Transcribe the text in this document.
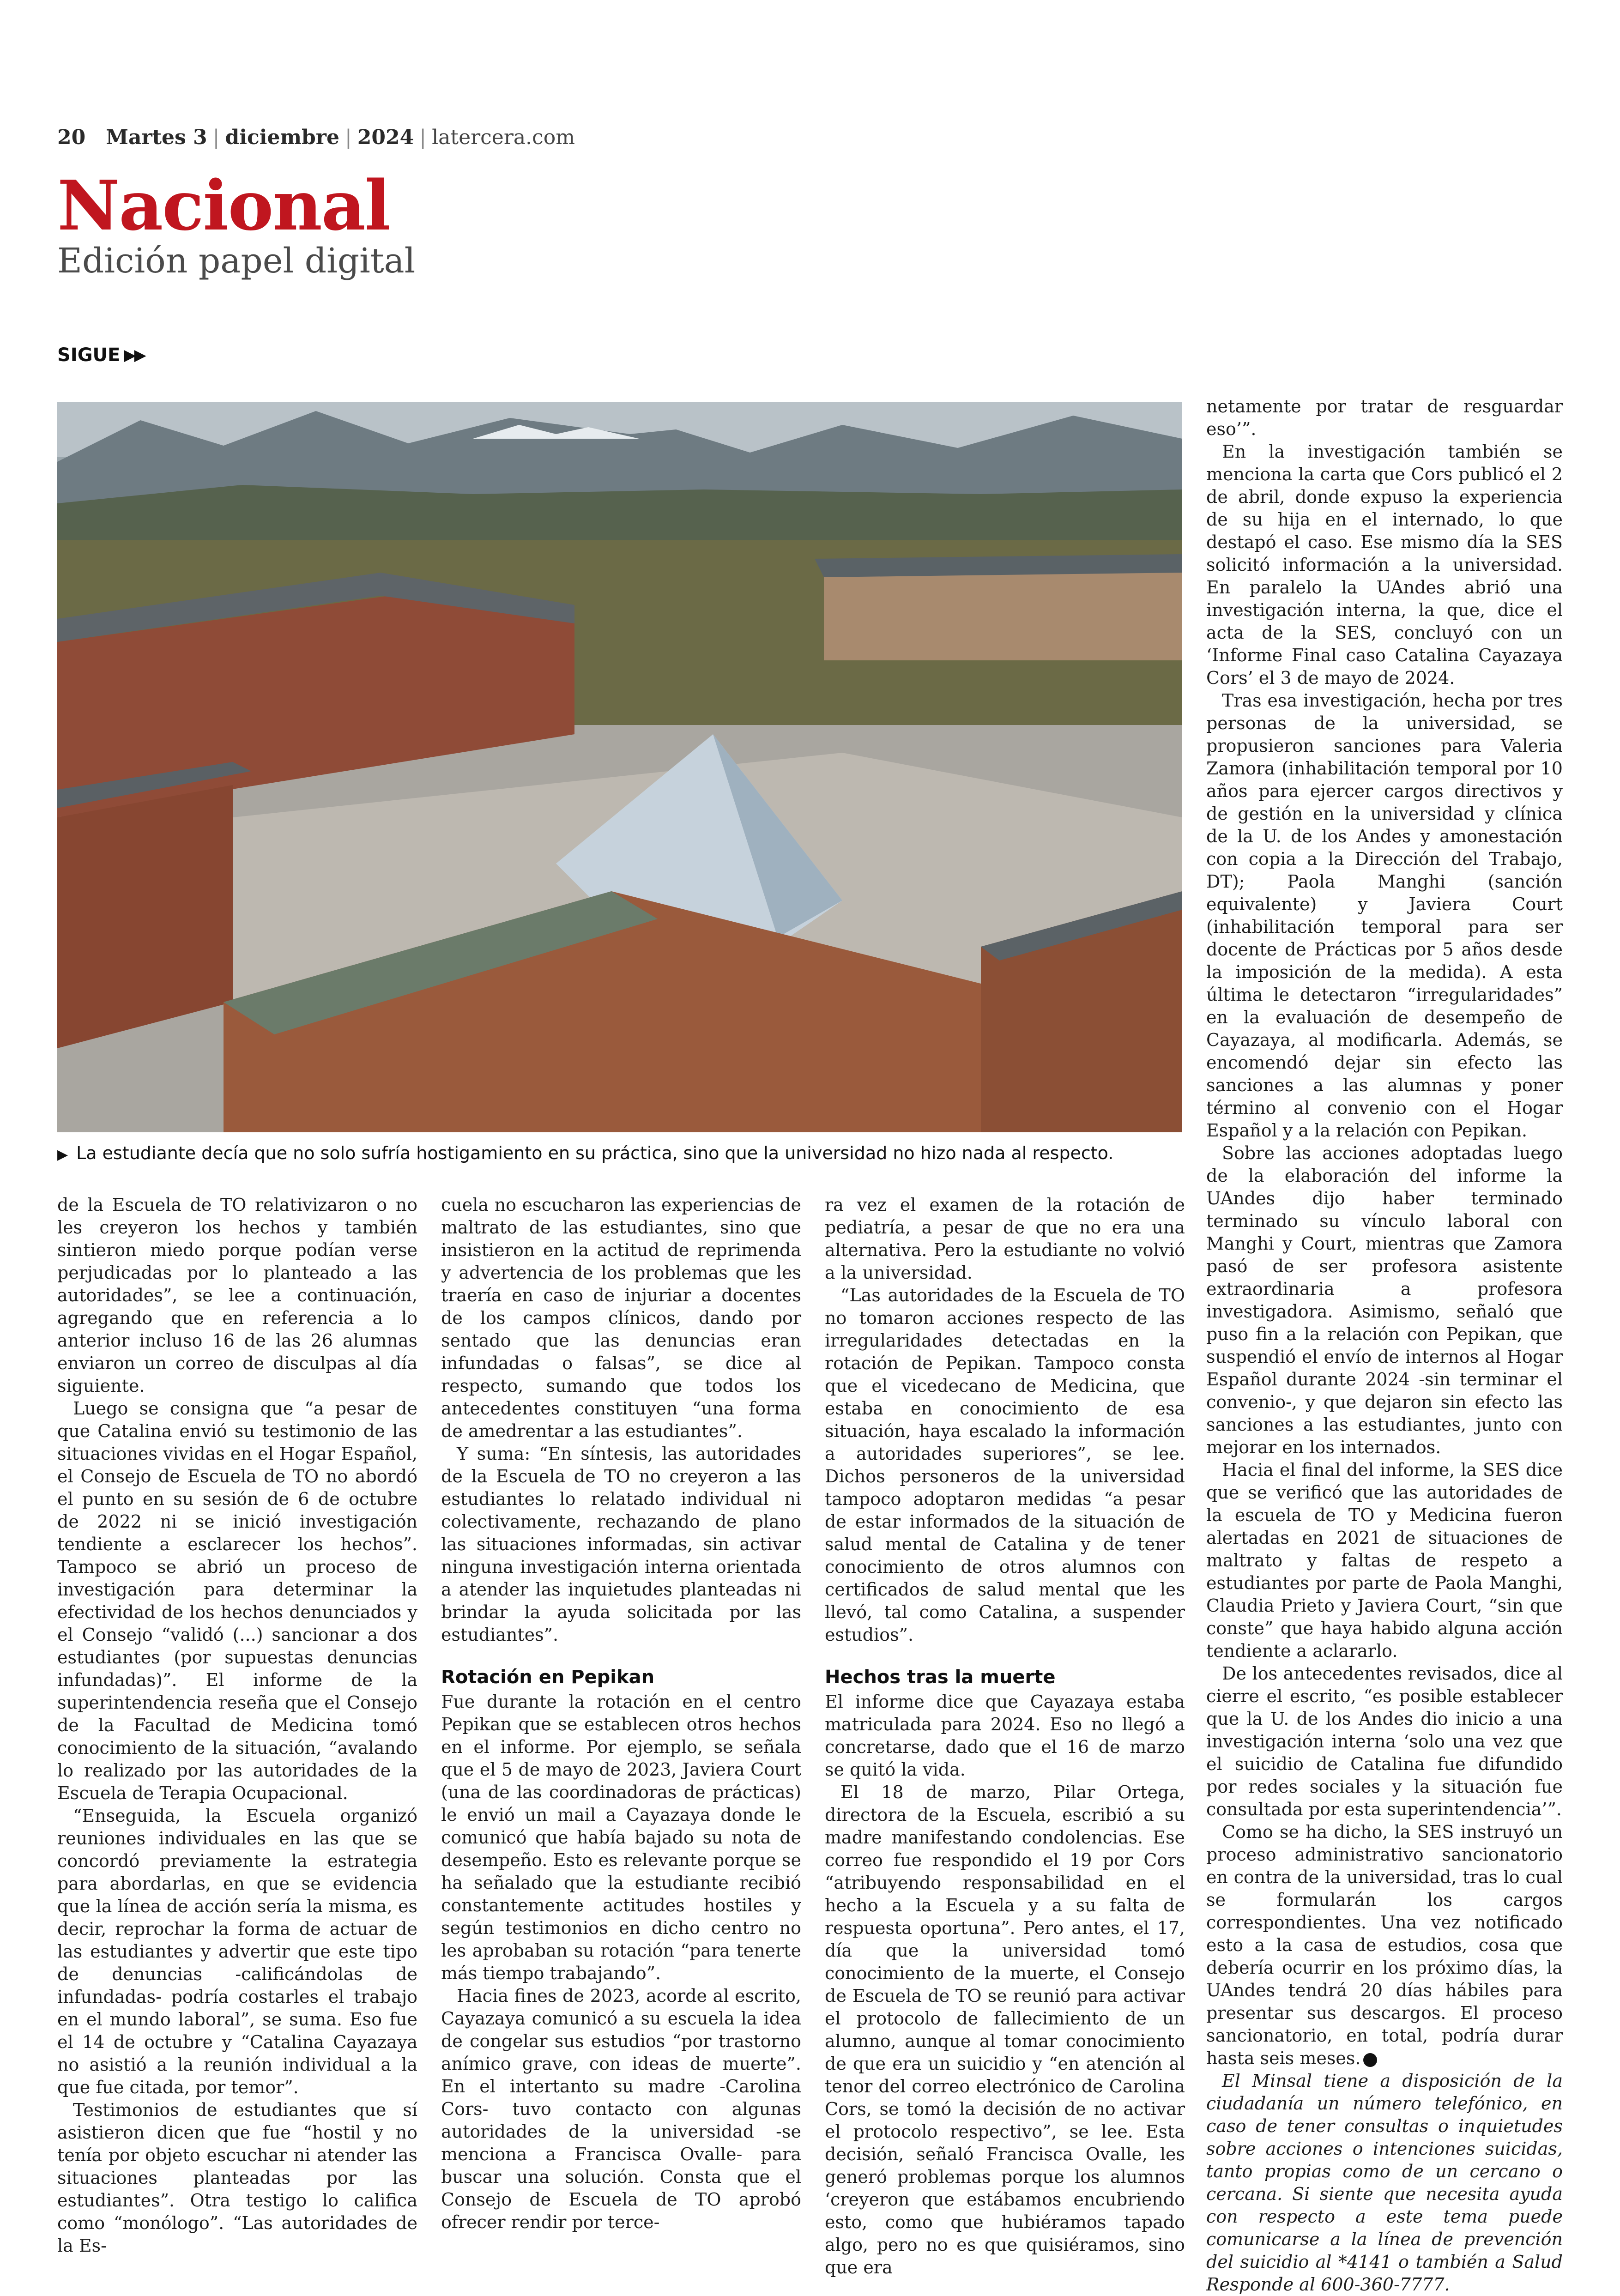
20 Martes 3 | diciembre | 2024 | latercera.com
Nacional
Edición papel digital
SIGUE ▶▶
▶ La estudiante decía que no solo sufría hostigamiento en su práctica, sino que la universidad no hizo nada al respecto.

de la Escuela de TO relativizaron o no les creyeron los hechos y también sintieron miedo porque podían verse perjudicadas por lo planteado a las autoridades”, se lee a continuación, agregando que en referencia a lo anterior incluso 16 de las 26 alumnas enviaron un correo de disculpas al día siguiente.

Luego se consigna que “a pesar de que Catalina envió su testimonio de las situaciones vividas en el Hogar Español, el Consejo de Escuela de TO no abordó el punto en su sesión de 6 de octubre de 2022 ni se inició investigación tendiente a esclarecer los hechos”. Tampoco se abrió un proceso de investigación para determinar la efectividad de los hechos denunciados y el Consejo “validó (...) sancionar a dos estudiantes (por supuestas denuncias infundadas)”. El informe de la superintendencia reseña que el Consejo de la Facultad de Medicina tomó conocimiento de la situación, “avalando lo realizado por las autoridades de la Escuela de Terapia Ocupacional.

“Enseguida, la Escuela organizó reuniones individuales en las que se concordó previamente la estrategia para abordarlas, en que se evidencia que la línea de acción sería la misma, es decir, reprochar la forma de actuar de las estudiantes y advertir que este tipo de denuncias -calificándolas de infundadas- podría costarles el trabajo en el mundo laboral”, se suma. Eso fue el 14 de octubre y “Catalina Cayazaya no asistió a la reunión individual a la que fue citada, por temor”.

Testimonios de estudiantes que sí asistieron dicen que fue “hostil y no tenía por objeto escuchar ni atender las situaciones planteadas por las estudiantes”. Otra testigo lo califica como “monólogo”. “Las autoridades de la Es-

cuela no escucharon las experiencias de maltrato de las estudiantes, sino que insistieron en la actitud de reprimenda y advertencia de los problemas que les traería en caso de injuriar a docentes de los campos clínicos, dando por sentado que las denuncias eran infundadas o falsas”, se dice al respecto, sumando que todos los antecedentes constituyen “una forma de amedrentar a las estudiantes”.

Y suma: “En síntesis, las autoridades de la Escuela de TO no creyeron a las estudiantes lo relatado individual ni colectivamente, rechazando de plano las situaciones informadas, sin activar ninguna investigación interna orientada a atender las inquietudes planteadas ni brindar la ayuda solicitada por las estudiantes”.

Rotación en Pepikan

Fue durante la rotación en el centro Pepikan que se establecen otros hechos en el informe. Por ejemplo, se señala que el 5 de mayo de 2023, Javiera Court (una de las coordinadoras de prácticas) le envió un mail a Cayazaya donde le comunicó que había bajado su nota de desempeño. Esto es relevante porque se ha señalado que la estudiante recibió constantemente actitudes hostiles y según testimonios en dicho centro no les aprobaban su rotación “para tenerte más tiempo trabajando”.

Hacia fines de 2023, acorde al escrito, Cayazaya comunicó a su escuela la idea de congelar sus estudios “por trastorno anímico grave, con ideas de muerte”. En el intertanto su madre -Carolina Cors- tuvo contacto con algunas autoridades de la universidad -se menciona a Francisca Ovalle- para buscar una solución. Consta que el Consejo de Escuela de TO aprobó ofrecer rendir por terce-

ra vez el examen de la rotación de pediatría, a pesar de que no era una alternativa. Pero la estudiante no volvió a la universidad.

“Las autoridades de la Escuela de TO no tomaron acciones respecto de las irregularidades detectadas en la rotación de Pepikan. Tampoco consta que el vicedecano de Medicina, que estaba en conocimiento de esa situación, haya escalado la información a autoridades superiores”, se lee. Dichos personeros de la universidad tampoco adoptaron medidas “a pesar de estar informados de la situación de salud mental de Catalina y de tener conocimiento de otros alumnos con certificados de salud mental que les llevó, tal como Catalina, a suspender estudios”.

Hechos tras la muerte

El informe dice que Cayazaya estaba matriculada para 2024. Eso no llegó a concretarse, dado que el 16 de marzo se quitó la vida.

El 18 de marzo, Pilar Ortega, directora de la Escuela, escribió a su madre manifestando condolencias. Ese correo fue respondido el 19 por Cors “atribuyendo responsabilidad en el hecho a la Escuela y a su falta de respuesta oportuna”. Pero antes, el 17, día que la universidad tomó conocimiento de la muerte, el Consejo de Escuela de TO se reunió para activar el protocolo de fallecimiento de un alumno, aunque al tomar conocimiento de que era un suicidio y “en atención al tenor del correo electrónico de Carolina Cors, se tomó la decisión de no activar el protocolo respectivo”, se lee. Esta decisión, señaló Francisca Ovalle, les generó problemas porque los alumnos ‘creyeron que estábamos encubriendo esto, como que hubiéramos tapado algo, pero no es que quisiéramos, sino que era

netamente por tratar de resguardar eso’”.

En la investigación también se menciona la carta que Cors publicó el 2 de abril, donde expuso la experiencia de su hija en el internado, lo que destapó el caso. Ese mismo día la SES solicitó información a la universidad. En paralelo la UAndes abrió una investigación interna, la que, dice el acta de la SES, concluyó con un ‘Informe Final caso Catalina Cayazaya Cors’ el 3 de mayo de 2024.

Tras esa investigación, hecha por tres personas de la universidad, se propusieron sanciones para Valeria Zamora (inhabilitación temporal por 10 años para ejercer cargos directivos y de gestión en la universidad y clínica de la U. de los Andes y amonestación con copia a la Dirección del Trabajo, DT); Paola Manghi (sanción equivalente) y Javiera Court (inhabilitación temporal para ser docente de Prácticas por 5 años desde la imposición de la medida). A esta última le detectaron “irregularidades” en la evaluación de desempeño de Cayazaya, al modificarla. Además, se encomendó dejar sin efecto las sanciones a las alumnas y poner término al convenio con el Hogar Español y a la relación con Pepikan.

Sobre las acciones adoptadas luego de la elaboración del informe la UAndes dijo haber terminado terminado su vínculo laboral con Manghi y Court, mientras que Zamora pasó de ser profesora asistente extraordinaria a profesora investigadora. Asimismo, señaló que puso fin a la relación con Pepikan, que suspendió el envío de internos al Hogar Español durante 2024 -sin terminar el convenio-, y que dejaron sin efecto las sanciones a las estudiantes, junto con mejorar en los internados.

Hacia el final del informe, la SES dice que se verificó que las autoridades de la escuela de TO y Medicina fueron alertadas en 2021 de situaciones de maltrato y faltas de respeto a estudiantes por parte de Paola Manghi, Claudia Prieto y Javiera Court, “sin que conste” que haya habido alguna acción tendiente a aclararlo.

De los antecedentes revisados, dice al cierre el escrito, “es posible establecer que la U. de los Andes dio inicio a una investigación interna ‘solo una vez que el suicidio de Catalina fue difundido por redes sociales y la situación fue consultada por esta superintendencia’”.

Como se ha dicho, la SES instruyó un proceso administrativo sancionatorio en contra de la universidad, tras lo cual se formularán los cargos correspondientes. Una vez notificado esto a la casa de estudios, cosa que debería ocurrir en los próximo días, la UAndes tendrá 20 días hábiles para presentar sus descargos. El proceso sancionatorio, en total, podría durar hasta seis meses.

El Minsal tiene a disposición de la ciudadanía un número telefónico, en caso de tener consultas o inquietudes sobre acciones o intenciones suicidas, tanto propias como de un cercano o cercana. Si siente que necesita ayuda con respecto a este tema puede comunicarse a la línea de prevención del suicidio al *4141 o también a Salud Responde al 600-360-7777.
